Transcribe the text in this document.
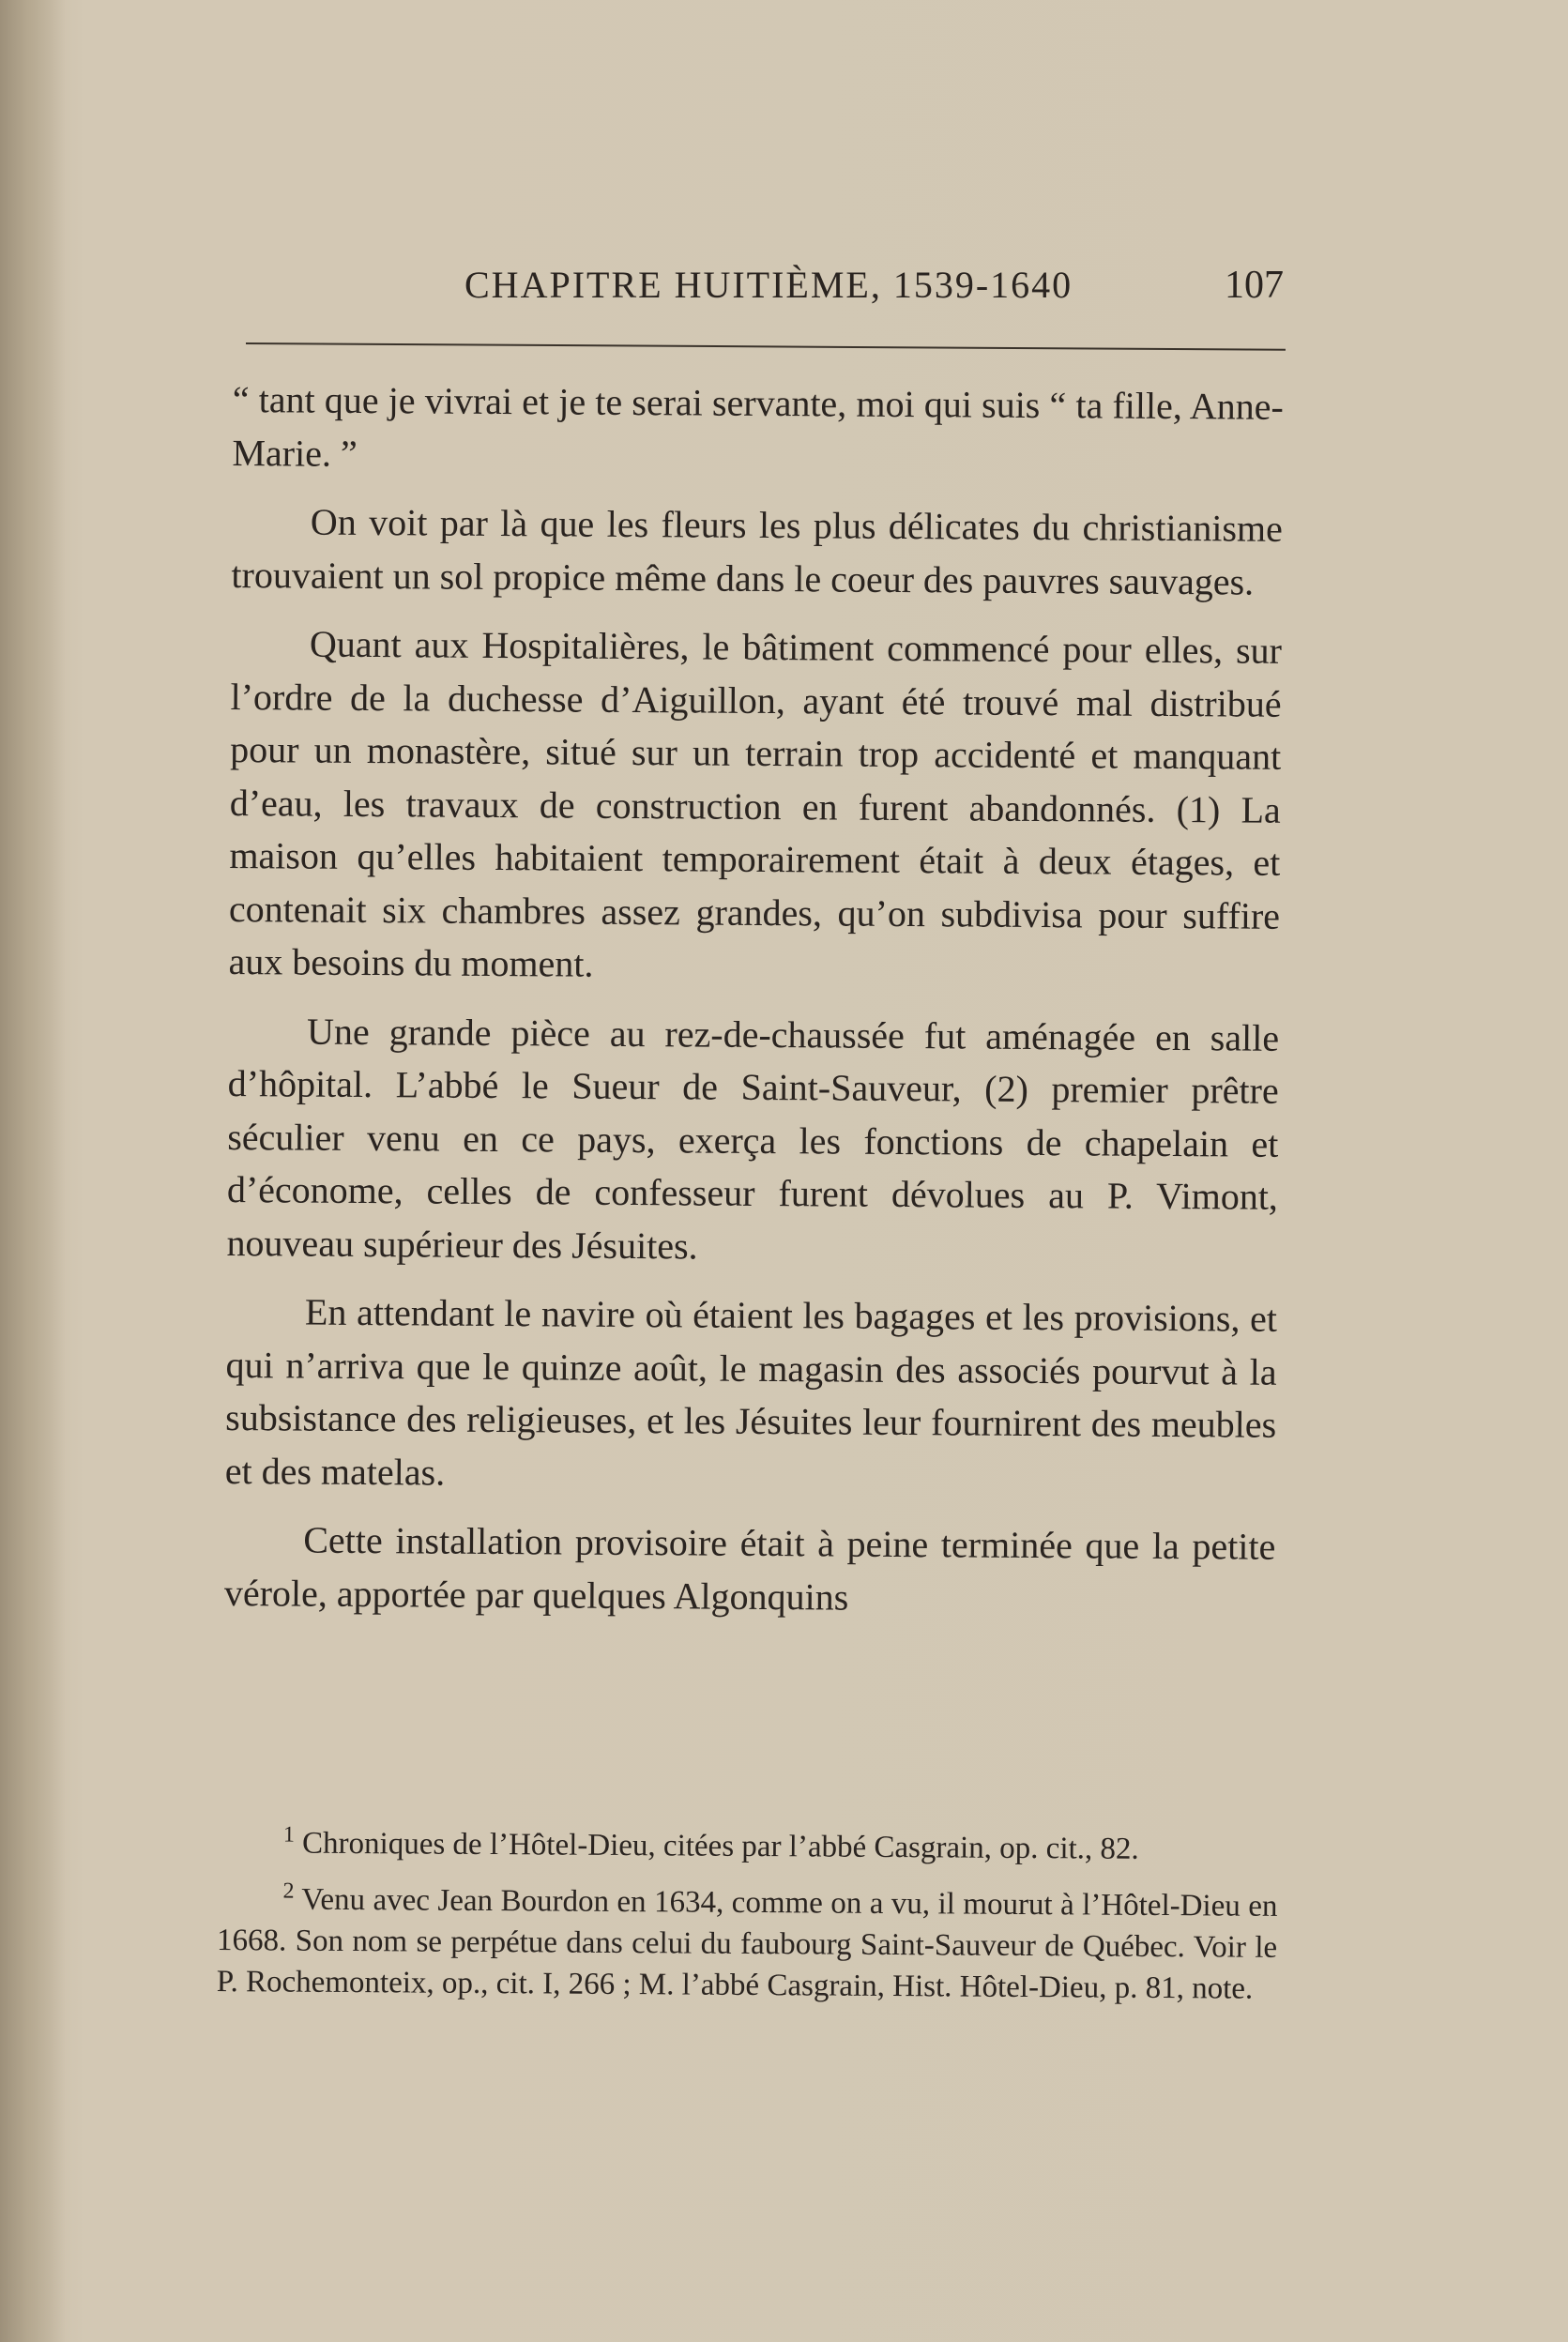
CHAPITRE HUITIÈME, 1539-1640	107

“ tant que je vivrai et je te serai servante, moi qui suis “ ta fille, Anne-Marie. ”

On voit par là que les fleurs les plus délicates du christianisme trouvaient un sol propice même dans le coeur des pauvres sauvages.

Quant aux Hospitalières, le bâtiment commencé pour elles, sur l’ordre de la duchesse d’Aiguillon, ayant été trouvé mal distribué pour un monastère, situé sur un terrain trop accidenté et manquant d’eau, les travaux de construction en furent abandonnés. (1) La maison qu’elles habitaient temporairement était à deux étages, et contenait six chambres assez grandes, qu’on subdivisa pour suffire aux besoins du moment.

Une grande pièce au rez-de-chaussée fut aménagée en salle d’hôpital. L’abbé le Sueur de Saint-Sauveur, (2) premier prêtre séculier venu en ce pays, exerça les fonctions de chapelain et d’économe, celles de confesseur furent dévolues au P. Vimont, nouveau supérieur des Jésuites.

En attendant le navire où étaient les bagages et les provisions, et qui n’arriva que le quinze août, le magasin des associés pourvut à la subsistance des religieuses, et les Jésuites leur fournirent des meubles et des matelas.

Cette installation provisoire était à peine terminée que la petite vérole, apportée par quelques Algonquins

$^1$ Chroniques de l’Hôtel-Dieu, citées par l’abbé Casgrain, op. cit., 82.

$^2$ Venu avec Jean Bourdon en 1634, comme on a vu, il mourut à l’Hôtel-Dieu en 1668. Son nom se perpétue dans celui du faubourg Saint-Sauveur de Québec. Voir le P. Rochemonteix, op., cit. I, 266 ; M. l’abbé Casgrain, Hist. Hôtel-Dieu, p. 81, note.
